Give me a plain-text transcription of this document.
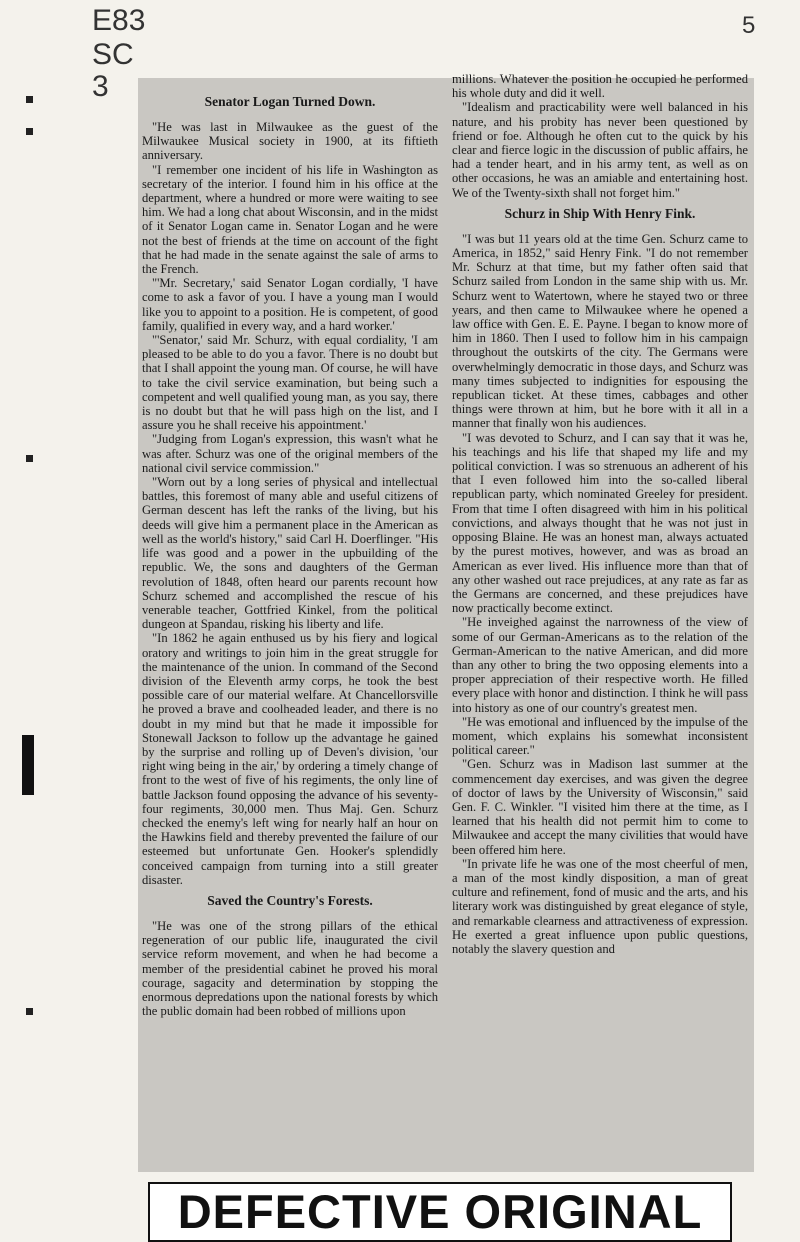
E83
SC
3
5
Senator Logan Turned Down.

"He was last in Milwaukee as the guest of the Milwaukee Musical society in 1900, at its fiftieth anniversary.

"I remember one incident of his life in Washington as secretary of the interior. I found him in his office at the department, where a hundred or more were waiting to see him. We had a long chat about Wisconsin, and in the midst of it Senator Logan came in. Senator Logan and he were not the best of friends at the time on account of the fight that he had made in the senate against the sale of arms to the French.

"'Mr. Secretary,' said Senator Logan cordially, 'I have come to ask a favor of you. I have a young man I would like you to appoint to a position. He is competent, of good family, qualified in every way, and a hard worker.'

"'Senator,' said Mr. Schurz, with equal cordiality, 'I am pleased to be able to do you a favor. There is no doubt but that I shall appoint the young man. Of course, he will have to take the civil service examination, but being such a competent and well qualified young man, as you say, there is no doubt but that he will pass high on the list, and I assure you he shall receive his appointment.'

"Judging from Logan's expression, this wasn't what he was after. Schurz was one of the original members of the national civil service commission."

"Worn out by a long series of physical and intellectual battles, this foremost of many able and useful citizens of German descent has left the ranks of the living, but his deeds will give him a permanent place in the American as well as the world's history," said Carl H. Doerflinger. "His life was good and a power in the upbuilding of the republic. We, the sons and daughters of the German revolution of 1848, often heard our parents recount how Schurz schemed and accomplished the rescue of his venerable teacher, Gottfried Kinkel, from the political dungeon at Spandau, risking his liberty and life.

"In 1862 he again enthused us by his fiery and logical oratory and writings to join him in the great struggle for the maintenance of the union. In command of the Second division of the Eleventh army corps, he took the best possible care of our material welfare. At Chancellorsville he proved a brave and coolheaded leader, and there is no doubt in my mind but that he made it impossible for Stonewall Jackson to follow up the advantage he gained by the surprise and rolling up of Deven's division, 'our right wing being in the air,' by ordering a timely change of front to the west of five of his regiments, the only line of battle Jackson found opposing the advance of his seventy-four regiments, 30,000 men. Thus Maj. Gen. Schurz checked the enemy's left wing for nearly half an hour on the Hawkins field and thereby prevented the failure of our esteemed but unfortunate Gen. Hooker's splendidly conceived campaign from turning into a still greater disaster.

Saved the Country's Forests.

"He was one of the strong pillars of the ethical regeneration of our public life, inaugurated the civil service reform movement, and when he had become a member of the presidential cabinet he proved his moral courage, sagacity and determination by stopping the enormous depredations upon the national forests by which the public domain had been robbed of millions upon

millions. Whatever the position he occupied he performed his whole duty and did it well.

"Idealism and practicability were well balanced in his nature, and his probity has never been questioned by friend or foe. Although he often cut to the quick by his clear and fierce logic in the discussion of public affairs, he had a tender heart, and in his army tent, as well as on other occasions, he was an amiable and entertaining host. We of the Twenty-sixth shall not forget him."

Schurz in Ship With Henry Fink.

"I was but 11 years old at the time Gen. Schurz came to America, in 1852," said Henry Fink. "I do not remember Mr. Schurz at that time, but my father often said that Schurz sailed from London in the same ship with us. Mr. Schurz went to Watertown, where he stayed two or three years, and then came to Milwaukee where he opened a law office with Gen. E. E. Payne. I began to know more of him in 1860. Then I used to follow him in his campaign throughout the outskirts of the city. The Germans were overwhelmingly democratic in those days, and Schurz was many times subjected to indignities for espousing the republican ticket. At these times, cabbages and other things were thrown at him, but he bore with it all in a manner that finally won his audiences.

"I was devoted to Schurz, and I can say that it was he, his teachings and his life that shaped my life and my political conviction. I was so strenuous an adherent of his that I even followed him into the so-called liberal republican party, which nominated Greeley for president. From that time I often disagreed with him in his political convictions, and always thought that he was not just in opposing Blaine. He was an honest man, always actuated by the purest motives, however, and was as broad an American as ever lived. His influence more than that of any other washed out race prejudices, at any rate as far as the Germans are concerned, and these prejudices have now practically become extinct.

"He inveighed against the narrowness of the view of some of our German-Americans as to the relation of the German-American to the native American, and did more than any other to bring the two opposing elements into a proper appreciation of their respective worth. He filled every place with honor and distinction. I think he will pass into history as one of our country's greatest men.

"He was emotional and influenced by the impulse of the moment, which explains his somewhat inconsistent political career."

"Gen. Schurz was in Madison last summer at the commencement day exercises, and was given the degree of doctor of laws by the University of Wisconsin," said Gen. F. C. Winkler. "I visited him there at the time, as I learned that his health did not permit him to come to Milwaukee and accept the many civilities that would have been offered him here.

"In private life he was one of the most cheerful of men, a man of the most kindly disposition, a man of great culture and refinement, fond of music and the arts, and his literary work was distinguished by great elegance of style, and remarkable clearness and attractiveness of expression. He exerted a great influence upon public questions, notably the slavery question and

DEFECTIVE ORIGINAL
